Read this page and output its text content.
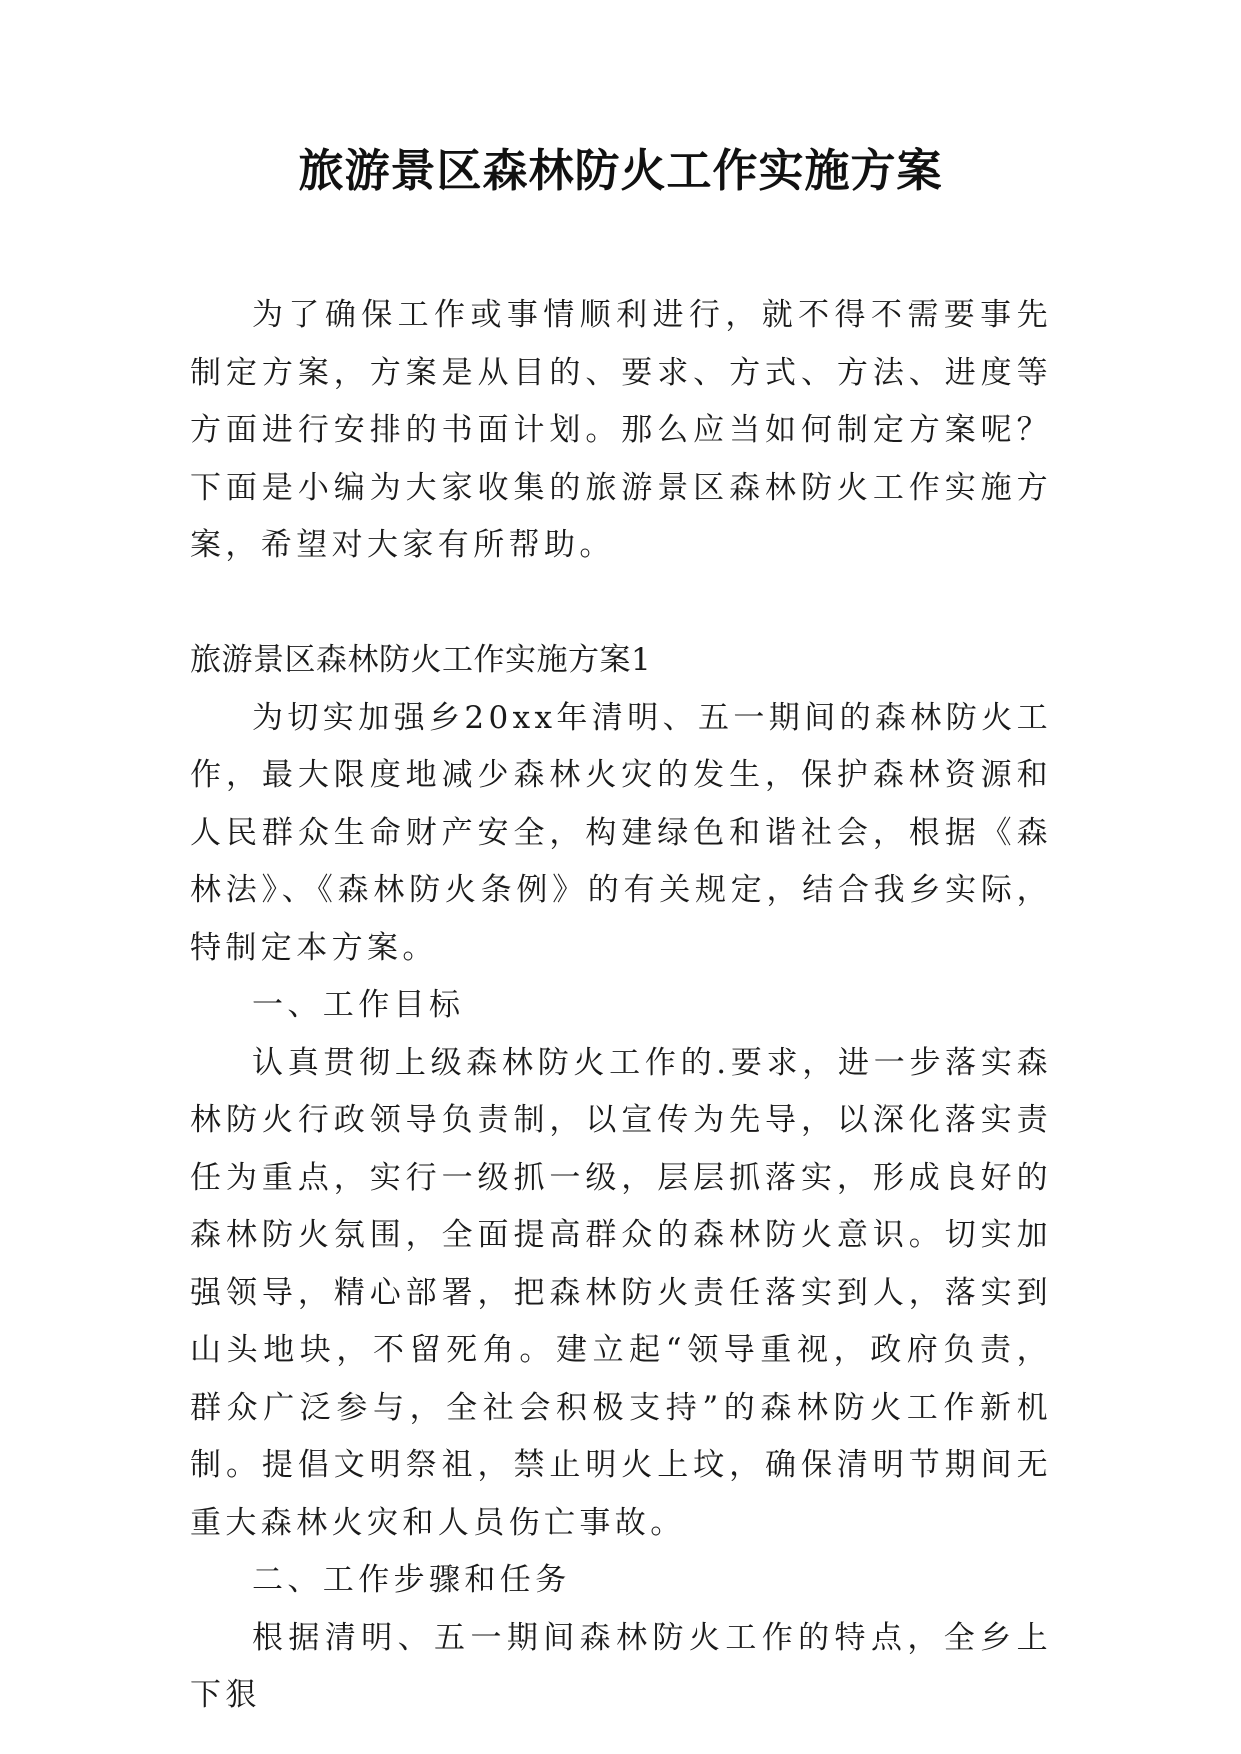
旅游景区森林防火工作实施方案

为了确保工作或事情顺利进行，就不得不需要事先制定方案，方案是从目的、要求、方式、方法、进度等方面进行安排的书面计划。那么应当如何制定方案呢？下面是小编为大家收集的旅游景区森林防火工作实施方案，希望对大家有所帮助。

旅游景区森林防火工作实施方案1

为切实加强乡20xx年清明、五一期间的森林防火工作，最大限度地减少森林火灾的发生，保护森林资源和人民群众生命财产安全，构建绿色和谐社会，根据《森林法》、《森林防火条例》的有关规定，结合我乡实际，特制定本方案。

一、工作目标

认真贯彻上级森林防火工作的.要求，进一步落实森林防火行政领导负责制，以宣传为先导，以深化落实责任为重点，实行一级抓一级，层层抓落实，形成良好的森林防火氛围，全面提高群众的森林防火意识。切实加强领导，精心部署，把森林防火责任落实到人，落实到山头地块，不留死角。建立起“领导重视，政府负责，群众广泛参与，全社会积极支持”的森林防火工作新机制。提倡文明祭祖，禁止明火上坟，确保清明节期间无重大森林火灾和人员伤亡事故。

二、工作步骤和任务

根据清明、五一期间森林防火工作的特点，全乡上下狠
